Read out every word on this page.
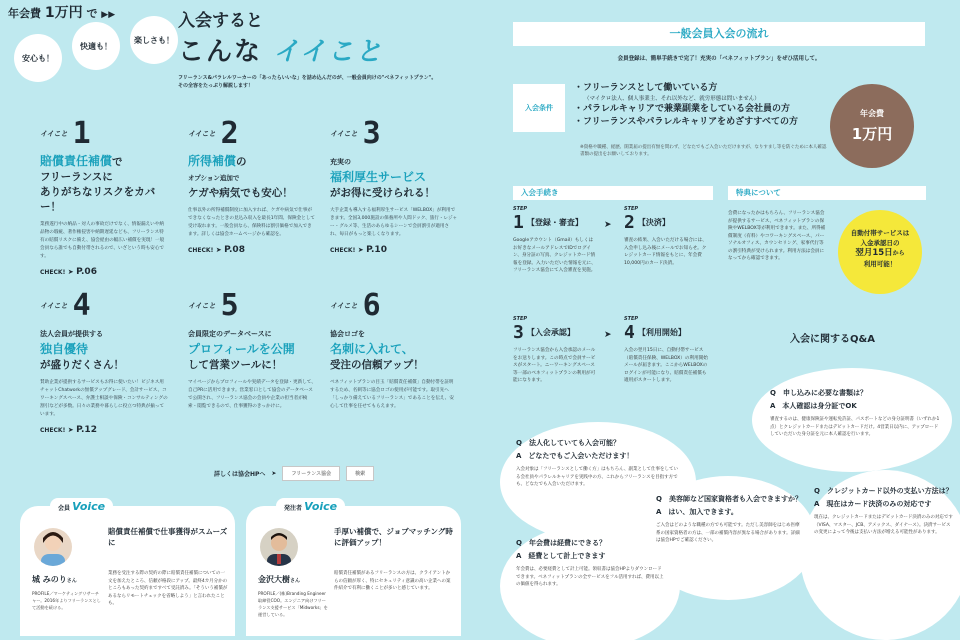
年会費 1万円 で ▶▶
安心も！
快適も！
楽しさも！
入会すると
こんな イイこと
フリーランス&パラレルワーカーの「あったらいいな」を詰め込んだのが、一般会員向けの"ベネフィットプラン"。その全容をたっぷり解説します！
イイこと 1
賠償責任補償で
フリーランスに
ありがちなリスクをカバー！
業務遂行中の納品・対人の事故だけでなく、情報漏えいや納品物の瑕疵、著作権侵害や納期遅延なども、フリーランス特有の賠償リスクに備え、協会経由の幅広い補償を実現！一般会員なら誰でも自動付帯されるので、いざという時も安心です。
CHECK! ➤ P.06
イイこと 2
所得補償の
オプション追加で
ケガや病気でも安心！
仕事以外の所得補償制度に加入すれば、ケガや病気で仕事ができなくなったときの見込み収入を最長1年間、保険金として受け取れます。一般会員なら、保険料は割引価格で加入できます。詳しくは協会ホームページから確認を。
CHECK! ➤ P.08
イイこと 3
充実の
福利厚生サービス
がお得に受けられる！
大手企業も導入する福利厚生サービス「WELBOX」が利用できます。全国3,000施設の保養所や人間ドック、旅行・レジャー・グルメ等、生活のあらゆるシーンで会員割引が適用され、毎日がもっと楽しくなります。
CHECK! ➤ P.10
イイこと 4
法人会員が提供する
独自優待
が盛りだくさん！
賛助企業が提供するサービスもお得に使いたい！ビジネス用チャットChatworkの無償アップグレード、会計サービス、コワーキングスペース、弁護士相談や保険・コンサルティングの割引などが多数。日々の業務や暮らしに役立つ特典が揃っています。
CHECK! ➤ P.12
イイこと 5
会員限定のデータベースに
プロフィールを公開
して営業ツールに！
マイページからプロフィールや実績データを登録・更新して、自己PRに活用できます。営業窓口として協会のデータベースで公開され、フリーランス協会の会員や企業の担当者が検索・閲覧できるので、仕事獲得のきっかけに。
イイこと 6
協会ロゴを
名刺に入れて、
受注の信頼アップ！
ベネフィットプランの目玉「賠償責任補償」自動付帯を証明するため、名刺等に協会ロゴの使用が可能です。取引先へ「しっかり備えているフリーランス」であることを伝え、安心して仕事を任せてもらえます。
詳しくは協会HPへ ➤	フリーランス協会	検索
会員 Voice
城 みのりさん
PROFILE／マーケティングリサーチャー。2016年よりフリーランスとして活動を続ける。
賠償責任補償で仕事獲得がスムーズに
業務を受注する際の契約の際に賠償責任補償についての一文を加えたところ、信頼が格段にアップ。最終4カ月分かのところもあった契約まですべて受託済み。「そういう補償があるならリモートチェックを省略しよう」と言われたことも。
発注者 Voice
金沢大樹さん
PROFILE／(株)Branding Engineer 取締役COO。エンジニア向けフリーランス支援サービス「Midworks」を運営している。
手厚い補償で、ジョブマッチング時に評価アップ！
賠償責任補償があるフリーランスの方は、クライアントからの信頼が厚く、特にセキュリティ意識の高い企業への案件紹介で有利に働くことが多いと感じています。
一般会員入会の流れ
会員登録は、簡単手続きで完了！充実の「ベネフィットプラン」をぜひ活用して。
入会条件
・フリーランスとして働いている方
（マイクロ法人、個人事業主、それ以外など、就労形態は問いません）
・パラレルキャリアで兼業副業をしている会社員の方
・フリーランスやパラレルキャリアをめざすすべての方
※資格や職種、経歴、開業届の提出有無を問わず、どなたでもご入会いただけますが、なりすまし等を防ぐために本人確認書類の提出をお願いしております。
年会費
1万円
入会手続き
STEP
1 【登録・審査】
Googleアカウント（Gmail）もしくはお好きなメールアドレスでIDでログイン、身分証の写真、クレジットカード情報を登録。入力いただいた情報を元に、フリーランス協会にて入会審査を実施。
➤
STEP
2 【決済】
審査の結果、入会いただける場合には、入会申し込み後にメールでお知らせ。クレジットカード情報をもとに、年会費10,000円のカード決済。
STEP
3 【入会承認】
フリーランス協会から入会承認のメールをお送りします。この時点で会員サービスがスタート。ニーワーキングスペース等一部のベネフィットプランの利用が可能になります。
➤
STEP
4 【利用開始】
入会の翌月15日に、自動付帯サービス（賠償責任保険、WELBOX）の利用開始メールが届きます。ここからWELBOXのログインが可能になり、賠償責任補償も適用がスタートします。
特典について
会費になったかはもちろん、フリーランス協会が提供するサービス、ベネフィットプランの保険やWELBOX等が利用できます。また、所得補償制度（有料）やコワーキングスペース、パーソナルオフィス、カウンセリング、家事代行等の割引特典が受けられます。利用方法は会員になってから確認できます。
自動付帯サービスは
入金承認日の
翌月15日から
利用可能！
入会に関するQ&A
Q　申し込みに必要な書類は？
A　本人確認は身分証でOK
審査するのは、健康保険証や運転免許証、パスポートなどの身分証明書（いずれか1点）とクレジットカードまたはデビットカードだけ。4営業日以内に、アップロードしていただいた身分証を元に本人確認を行います。
Q　法人化していても入会可能？
A　どなたでもご入会いただけます！
入会対象は「フリーランスとして働く方」はもちろん、副業として仕事をしている会社員やパラレルキャリアを実践中の方、これからフリーランスを目指す方でも、どなたでも入会いただけます。
Q　年会費は経費にできる？
A　経費として計上できます
年会費は、必要経費として計上可能。領収書は協会HPよりダウンロードできます。ベネフィットプランの全サービスをフル活用すれば、費用以上の価値を得られます。
Q　美容師など国家資格者も入会できますか？
A　はい、加入できます。
ご入会はどのような職種の方でも可能です。ただし美容師をはじめ医療系の国家資格者の方は、一部の補償内容が異なる場合があります。詳細は協会HPでご確認ください。
Q　クレジットカード以外の支払い方法は？
A　現在はカード決済のみの対応です
現在は、クレジットカードまたはデビットカード決済のみの対応です（VISA、マスター、JCB、アメックス、ダイナース）。決済サービスの変更によって今後は支払い方法が増える可能性があります。
